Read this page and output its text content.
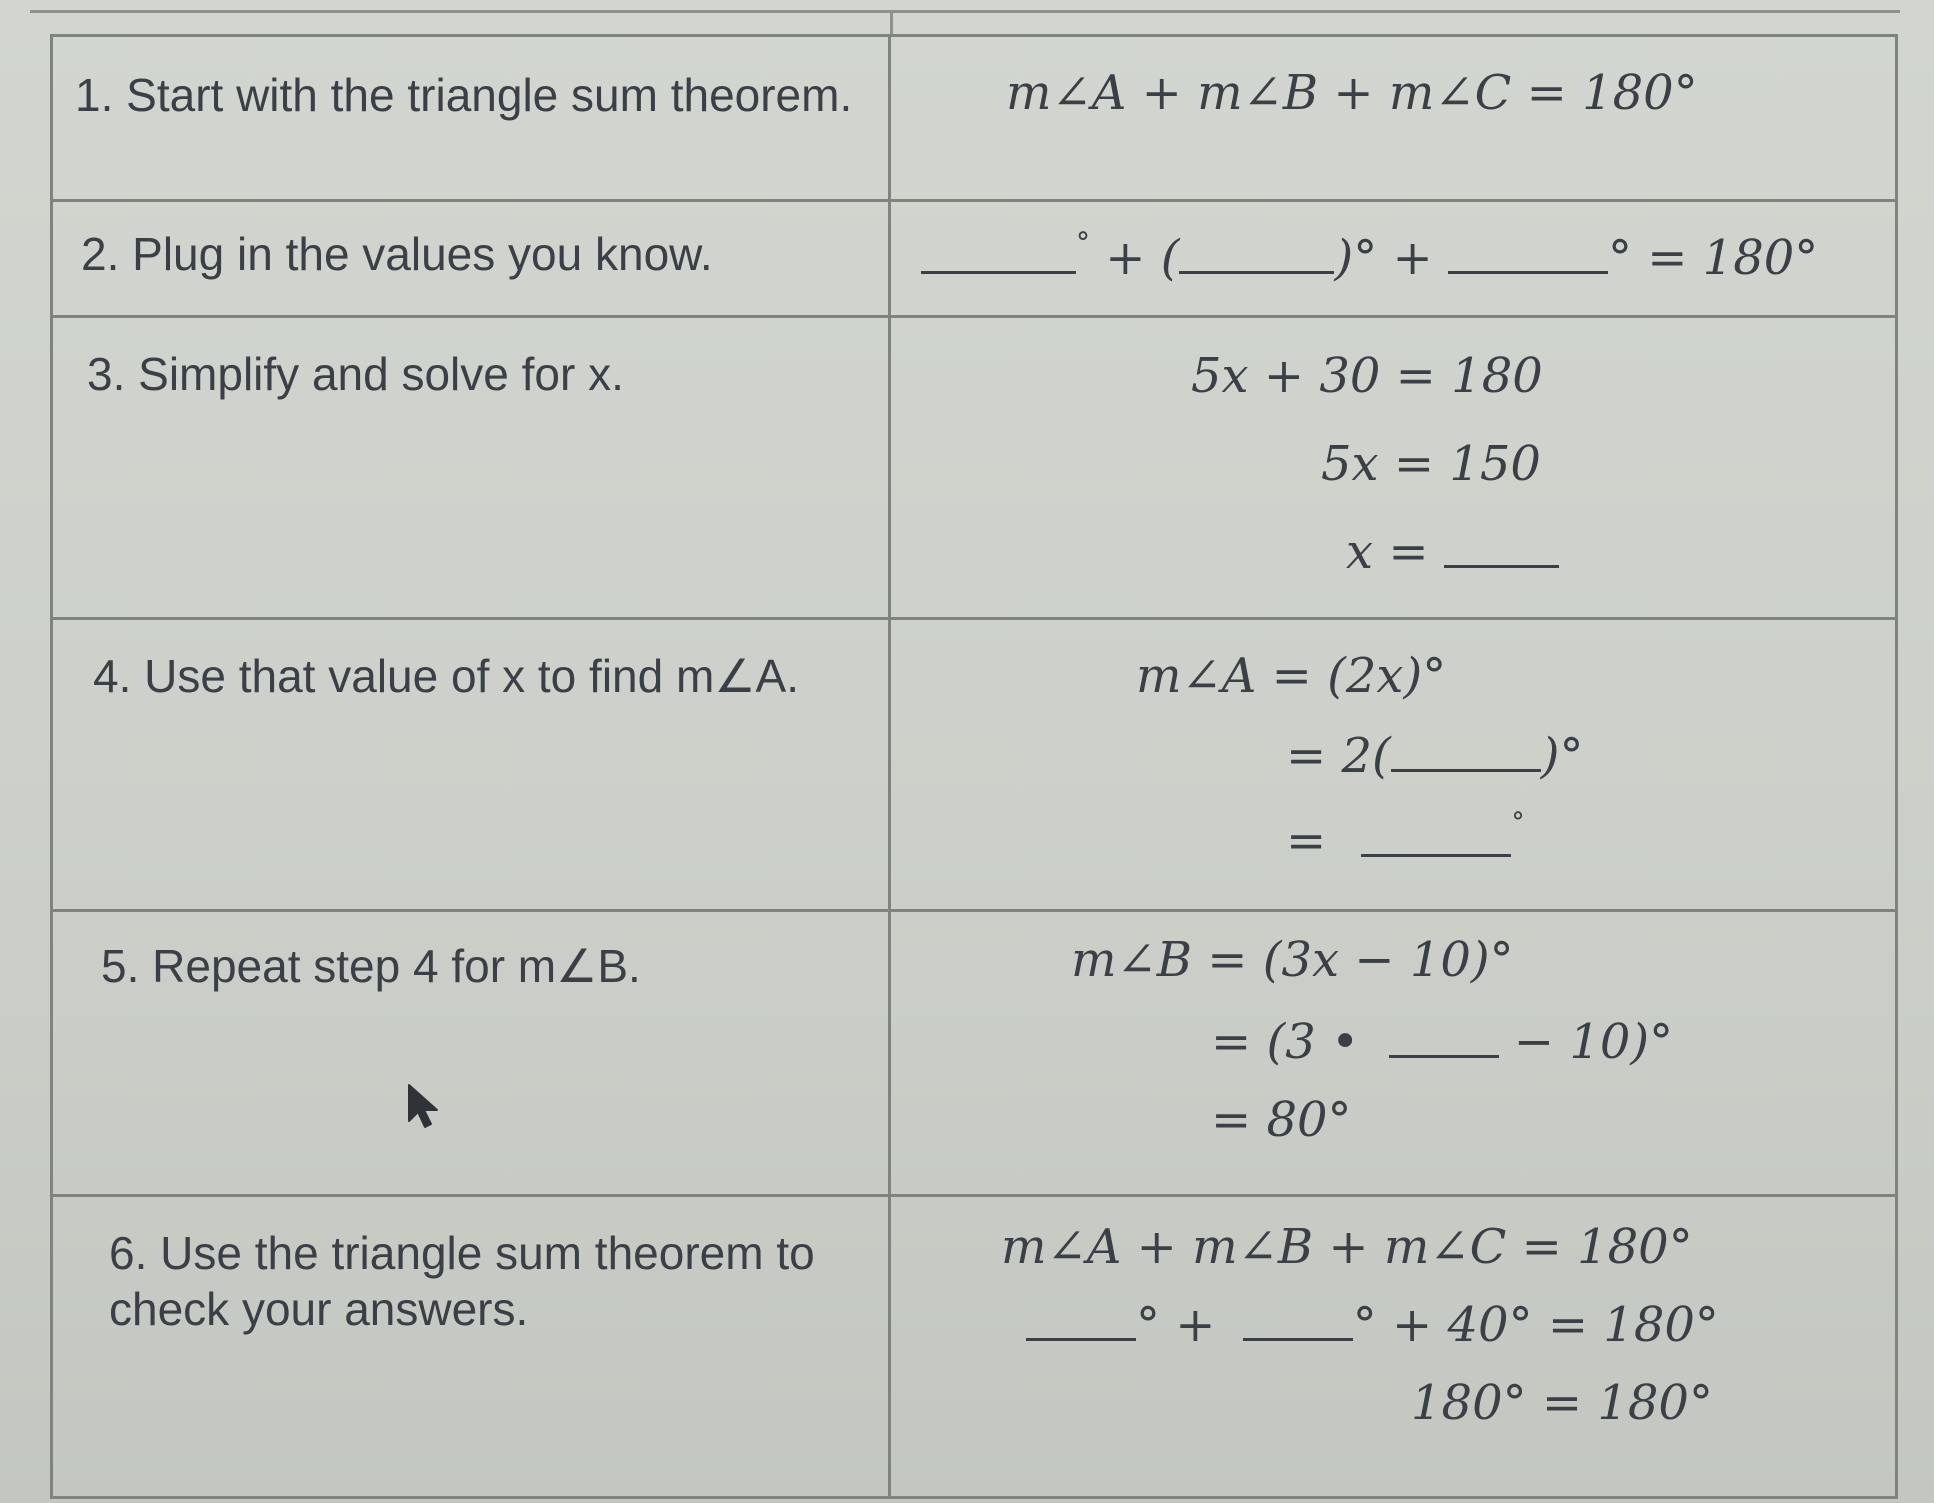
1. Start with the triangle sum theorem.	m∠A + m∠B + m∠C = 180°

2. Plug in the values you know.	° + ( )° + ° = 180°

3. Simplify and solve for x.	5x + 30 = 180
5x = 150
x =

4. Use that value of x to find m∠A.	m∠A = (2x)°
= 2( )°
= °

5. Repeat step 4 for m∠B.	m∠B = (3x − 10)°
= (3 • − 10)°
= 80°

6. Use the triangle sum theorem to check your answers.	m∠A + m∠B + m∠C = 180°
° + ° + 40° = 180°
180° = 180°
